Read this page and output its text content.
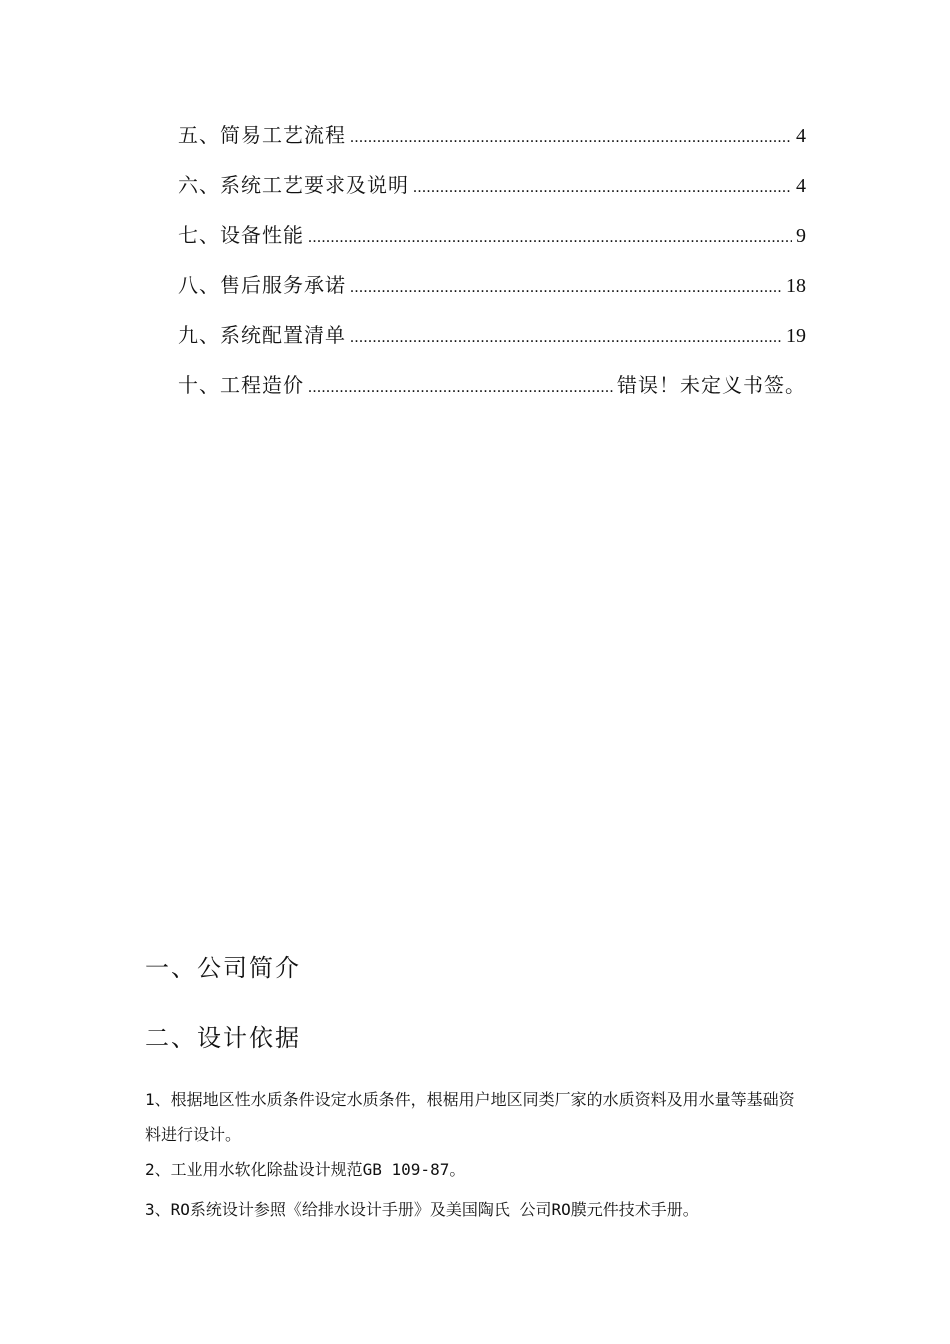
五、简易工艺流程 .....	4
六、系统工艺要求及说明 .....	4
七、设备性能 .....	9
八、售后服务承诺 .....	18
九、系统配置清单 .....	19
十、工程造价 .....	错误！未定义书签。
一、公司简介
二、设计依据

1、根据地区性水质条件设定水质条件，根椐用户地区同类厂家的水质资料及用水量等基础资料进行设计。

2、工业用水软化除盐设计规范GB 109-87。

3、RO系统设计参照《给排水设计手册》及美国陶氏 公司RO膜元件技术手册。
